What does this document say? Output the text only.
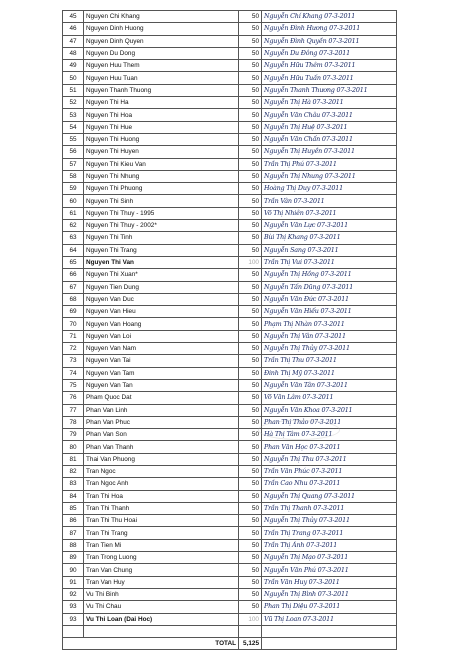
45	Nguyen Chi Khang	50	Nguyễn Chí Khang 07-3-2011
46	Nguyen Dinh Huong	50	Nguyễn Đình Hương 07-3-2011
47	Nguyen Dinh Quyen	50	Nguyễn Đình Quyền 07-3-2011
48	Nguyen Du Dong	50	Nguyễn Du Đông 07-3-2011
49	Nguyen Huu Them	50	Nguyễn Hữu Thêm 07-3-2011
50	Nguyen Huu Tuan	50	Nguyễn Hữu Tuấn 07-3-2011
51	Nguyen Thanh Thuong	50	Nguyễn Thanh Thương 07-3-2011
52	Nguyen Thi Ha	50	Nguyễn Thị Hà 07-3-2011
53	Nguyen Thi Hoa	50	Nguyễn Văn Châu 07-3-2011
54	Nguyen Thi Hue	50	Nguyễn Thị Huệ 07-3-2011
55	Nguyen Thi Huong	50	Nguyễn Văn Chấn 07-3-2011
56	Nguyen Thi Huyen	50	Nguyễn Thị Huyền 07-3-2011
57	Nguyen Thi Kieu Van	50	Trần Thị Phú 07-3-2011
58	Nguyen Thi Nhung	50	Nguyễn Thị Nhung 07-3-2011
59	Nguyen Thi Phuong	50	Hoàng Thị Duy 07-3-2011
60	Nguyen Thi Sinh	50	Trần Vân 07-3-2011
61	Nguyen Thi Thuy - 1995	50	Võ Thị Nhiên 07-3-2011
62	Nguyen Thi Thuy - 2002*	50	Nguyễn Văn Lực 07-3-2011
63	Nguyen Thi Tinh	50	Bùi Thị Khang 07-3-2011
64	Nguyen Thi Trang	50	Nguyễn Sang 07-3-2011
65	Nguyen Thi Van	100	Trần Thị Vui 07-3-2011
66	Nguyen Thi Xuan*	50	Nguyễn Thị Hồng 07-3-2011
67	Nguyen Tien Dung	50	Nguyễn Tấn Dũng 07-3-2011
68	Nguyen Van Duc	50	Nguyễn Văn Đức 07-3-2011
69	Nguyen Van Hieu	50	Nguyễn Văn Hiếu 07-3-2011
70	Nguyen Van Hoang	50	Phạm Thị Nhàn 07-3-2011
71	Nguyen Van Loi	50	Nguyễn Thị Vân 07-3-2011
72	Nguyen Van Nam	50	Nguyễn Thị Thủy 07-3-2011
73	Nguyen Van Tai	50	Trần Thị Thu 07-3-2011
74	Nguyen Van Tam	50	Đinh Thị Mỹ 07-3-2011
75	Nguyen Van Tan	50	Nguyễn Văn Tân 07-3-2011
76	Pham Quoc Dat	50	Võ Văn Lâm 07-3-2011
77	Phan Van Linh	50	Nguyễn Văn Khoa 07-3-2011
78	Phan Van Phuc	50	Phan Thị Thảo 07-3-2011
79	Phan Van Son	50	Hà Thị Tâm 07-3-2011
80	Phan Van Thanh	50	Phan Văn Học 07-3-2011
81	Thai Van Phuong	50	Nguyễn Thị Thu 07-3-2011
82	Tran Ngoc	50	Trần Văn Phúc 07-3-2011
83	Tran Ngoc Anh	50	Trần Cao Nhu 07-3-2011
84	Tran Thi Hoa	50	Nguyễn Thị Quang 07-3-2011
85	Tran Thi Thanh	50	Trần Thị Thanh 07-3-2011
86	Tran Thi Thu Hoai	50	Nguyễn Thị Thủy 07-3-2011
87	Tran Thi Trang	50	Trần Thị Trang 07-3-2011
88	Tran Tien Mi	50	Trần Thị Ánh 07-3-2011
89	Tran Trong Luong	50	Nguyễn Thị Mạo 07-3-2011
90	Tran Van Chung	50	Nguyễn Văn Phú 07-3-2011
91	Tran Van Huy	50	Trần Văn Huy 07-3-2011
92	Vu Thi Binh	50	Nguyễn Thị Bình 07-3-2011
93	Vu Thi Chau	50	Phan Thị Diệu 07-3-2011
93	Vu Thi Loan (Dai Hoc)	100	Vũ Thị Loan 07-3-2011

TOTAL		5,125	
